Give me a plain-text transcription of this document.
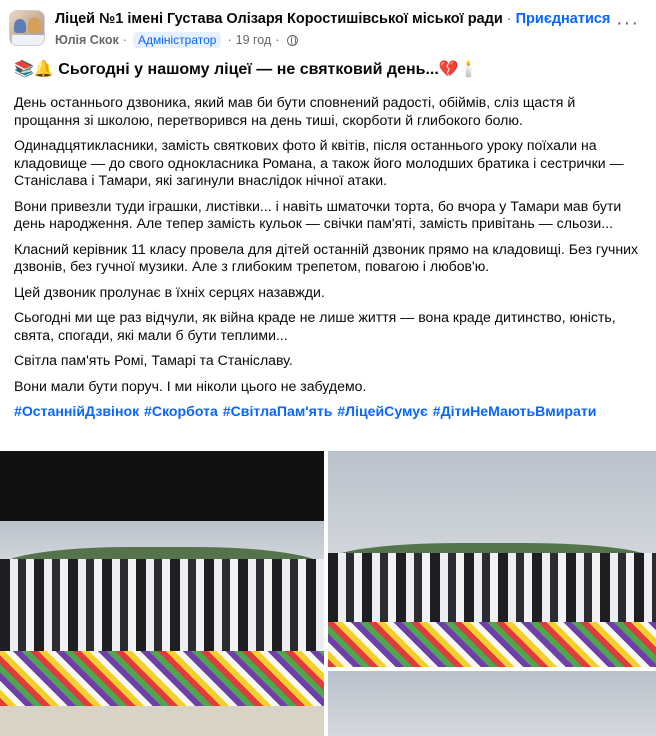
Ліцей №1 імені Густава Олізаря Коростишівської міської ради · Приєднатися
Юлія Скок · Адміністратор · 19 год ·
···
📚🔔 Сьогодні у нашому ліцеї — не святковий день...💔🕯️

День останнього дзвоника, який мав би бути сповнений радості, обіймів, сліз щастя й прощання зі школою, перетворився на день тиші, скорботи й глибокого болю.

Одинадцятикласники, замість святкових фото й квітів, після останнього уроку поїхали на кладовище — до свого однокласника Романа, а також його молодших братика і сестрички — Станіслава і Тамари, які загинули внаслідок нічної атаки.

Вони привезли туди іграшки, листівки... і навіть шматочки торта, бо вчора у Тамари мав бути день народження. Але тепер замість кульок — свічки пам'яті, замість привітань — сльози...

Класний керівник 11 класу провела для дітей останній дзвоник прямо на кладовищі. Без гучних дзвонів, без гучної музики. Але з глибоким трепетом, повагою і любов'ю.

Цей дзвоник пролунає в їхніх серцях назавжди.

Сьогодні ми ще раз відчули, як війна краде не лише життя — вона краде дитинство, юність, свята, спогади, які мали б бути теплими...

Світла пам'ять Ромі, Тамарі та Станіславу.

Вони мали бути поруч. І ми ніколи цього не забудемо.

#ОстаннійДзвінок #Скорбота #СвітлаПам'ять #ЛіцейСумує #ДітиНеМаютьВмирати
